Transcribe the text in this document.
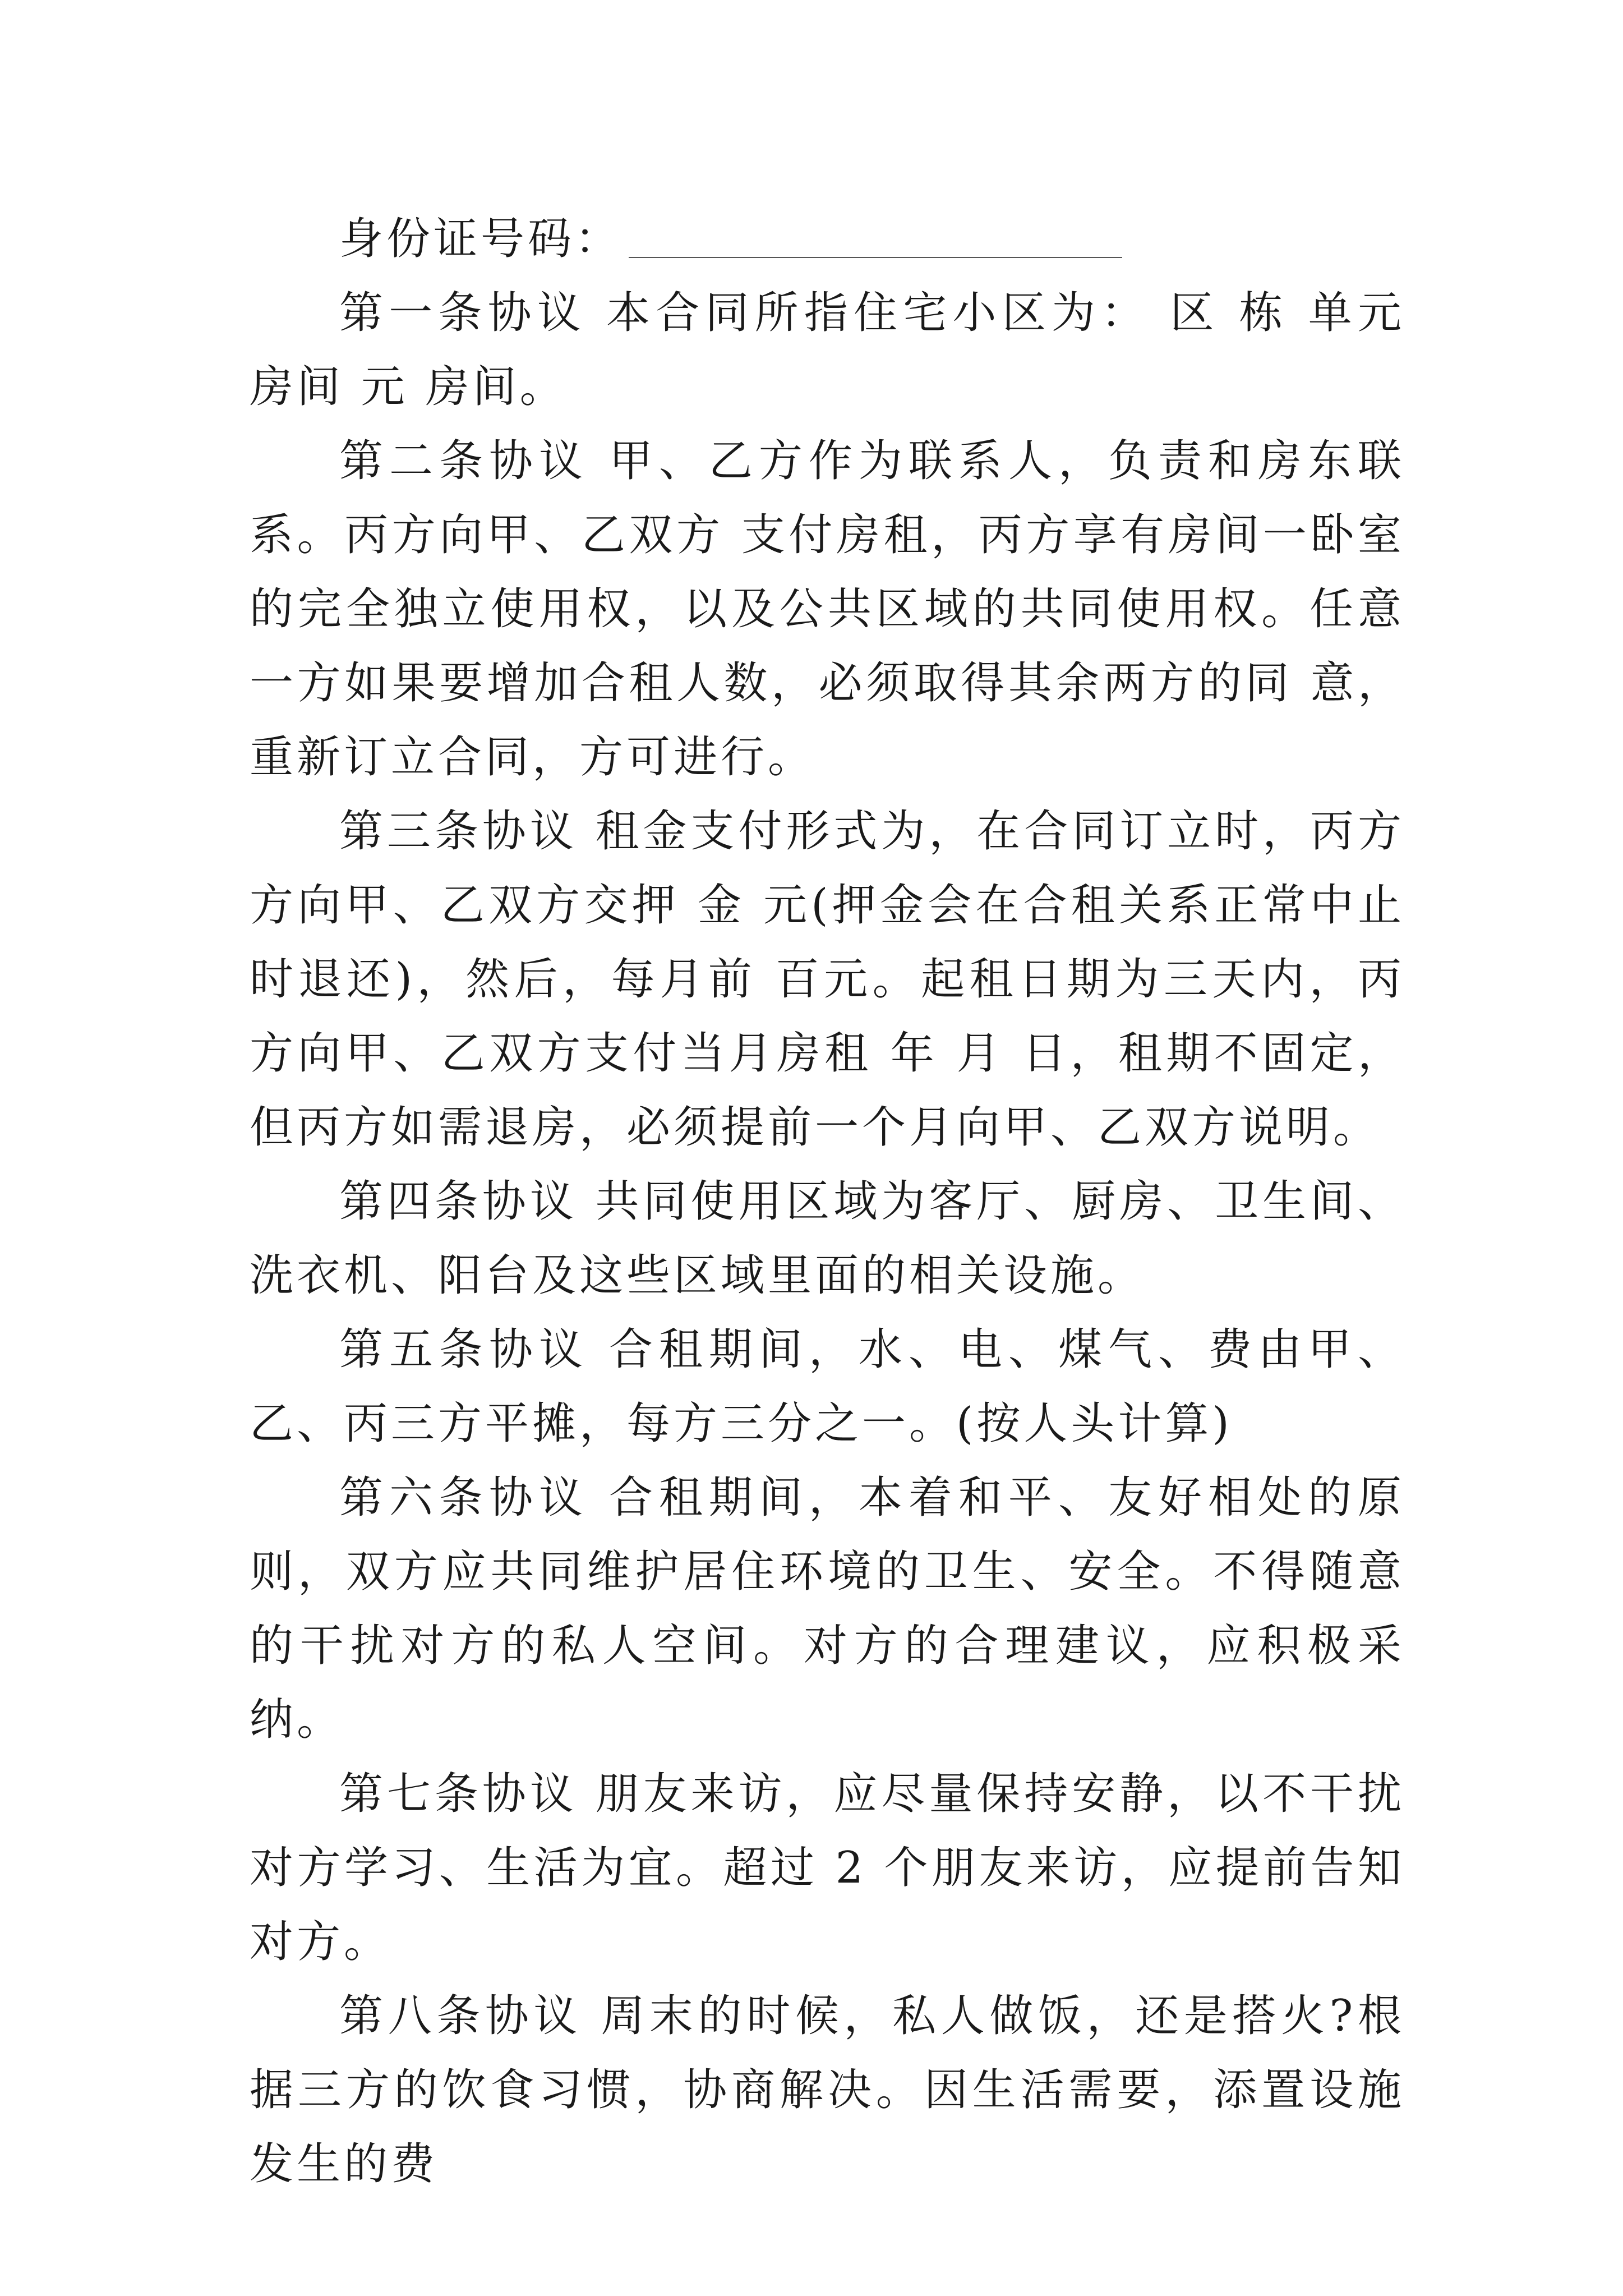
身份证号码：

第一条协议 本合同所指住宅小区为： 区 栋 单元 房间 元 房间。

第二条协议 甲、乙方作为联系人，负责和房东联系。丙方向甲、乙双方 支付房租，丙方享有房间一卧室的完全独立使用权，以及公共区域的共同使用权。任意一方如果要增加合租人数，必须取得其余两方的同 意，重新订立合同，方可进行。

第三条协议 租金支付形式为，在合同订立时，丙方方向甲、乙双方交押 金 元(押金会在合租关系正常中止时退还)，然后，每月前 百元。起租日期为三天内，丙方向甲、乙双方支付当月房租 年 月 日，租期不固定，但丙方如需退房，必须提前一个月向甲、乙双方说明。

第四条协议 共同使用区域为客厅、厨房、卫生间、洗衣机、阳台及这些区域里面的相关设施。

第五条协议 合租期间，水、电、煤气、费由甲、乙、丙三方平摊，每方三分之一。(按人头计算)

第六条协议 合租期间，本着和平、友好相处的原则，双方应共同维护居住环境的卫生、安全。不得随意的干扰对方的私人空间。对方的合理建议，应积极采纳。

第七条协议 朋友来访，应尽量保持安静，以不干扰对方学习、生活为宜。超过 2 个朋友来访，应提前告知对方。

第八条协议 周末的时候，私人做饭，还是搭火?根据三方的饮食习惯，协商解决。因生活需要，添置设施发生的费
